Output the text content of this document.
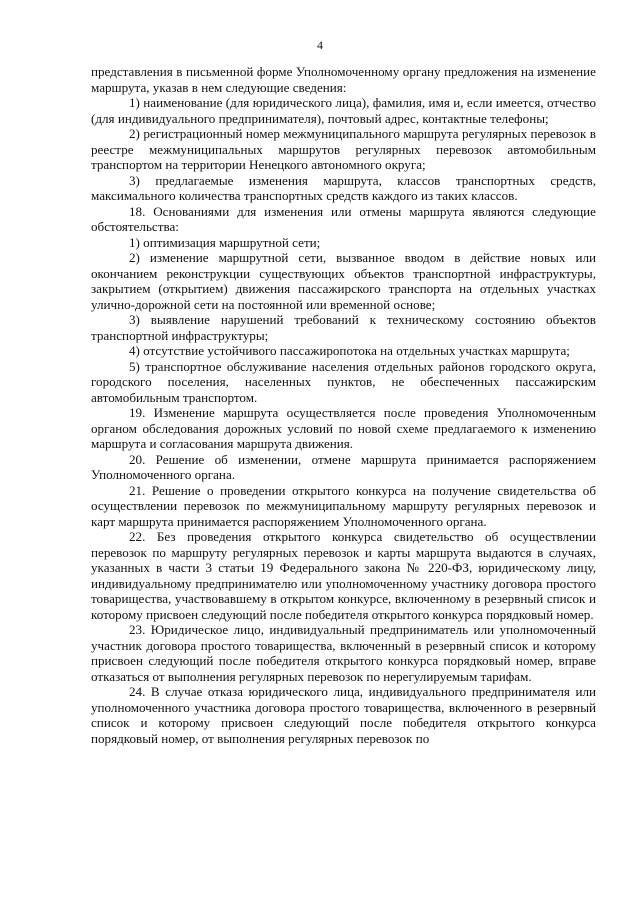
4

представления в письменной форме Уполномоченному органу предложения на изменение маршрута, указав в нем следующие сведения:

1) наименование (для юридического лица), фамилия, имя и, если имеется, отчество (для индивидуального предпринимателя), почтовый адрес, контактные телефоны;

2) регистрационный номер межмуниципального маршрута регулярных перевозок в реестре межмуниципальных маршрутов регулярных перевозок автомобильным транспортом на территории Ненецкого автономного округа;

3) предлагаемые изменения маршрута, классов транспортных средств, максимального количества транспортных средств каждого из таких классов.

18. Основаниями для изменения или отмены маршрута являются следующие обстоятельства:

1) оптимизация маршрутной сети;

2) изменение маршрутной сети, вызванное вводом в действие новых или окончанием реконструкции существующих объектов транспортной инфраструктуры, закрытием (открытием) движения пассажирского транспорта на отдельных участках улично-дорожной сети на постоянной или временной основе;

3) выявление нарушений требований к техническому состоянию объектов транспортной инфраструктуры;

4) отсутствие устойчивого пассажиропотока на отдельных участках маршрута;

5) транспортное обслуживание населения отдельных районов городского округа, городского поселения, населенных пунктов, не обеспеченных пассажирским автомобильным транспортом.

19. Изменение маршрута осуществляется после проведения Уполномоченным органом обследования дорожных условий по новой схеме предлагаемого к изменению маршрута и согласования маршрута движения.

20. Решение об изменении, отмене маршрута принимается распоряжением Уполномоченного органа.

21. Решение о проведении открытого конкурса на получение свидетельства об осуществлении перевозок по межмуниципальному маршруту регулярных перевозок и карт маршрута принимается распоряжением Уполномоченного органа.

22. Без проведения открытого конкурса свидетельство об осуществлении перевозок по маршруту регулярных перевозок и карты маршрута выдаются в случаях, указанных в части 3 статьи 19 Федерального закона № 220-ФЗ, юридическому лицу, индивидуальному предпринимателю или уполномоченному участнику договора простого товарищества, участвовавшему в открытом конкурсе, включенному в резервный список и которому присвоен следующий после победителя открытого конкурса порядковый номер.

23. Юридическое лицо, индивидуальный предприниматель или уполномоченный участник договора простого товарищества, включенный в резервный список и которому присвоен следующий после победителя открытого конкурса порядковый номер, вправе отказаться от выполнения регулярных перевозок по нерегулируемым тарифам.

24. В случае отказа юридического лица, индивидуального предпринимателя или уполномоченного участника договора простого товарищества, включенного в резервный список и которому присвоен следующий после победителя открытого конкурса порядковый номер, от выполнения регулярных перевозок по
